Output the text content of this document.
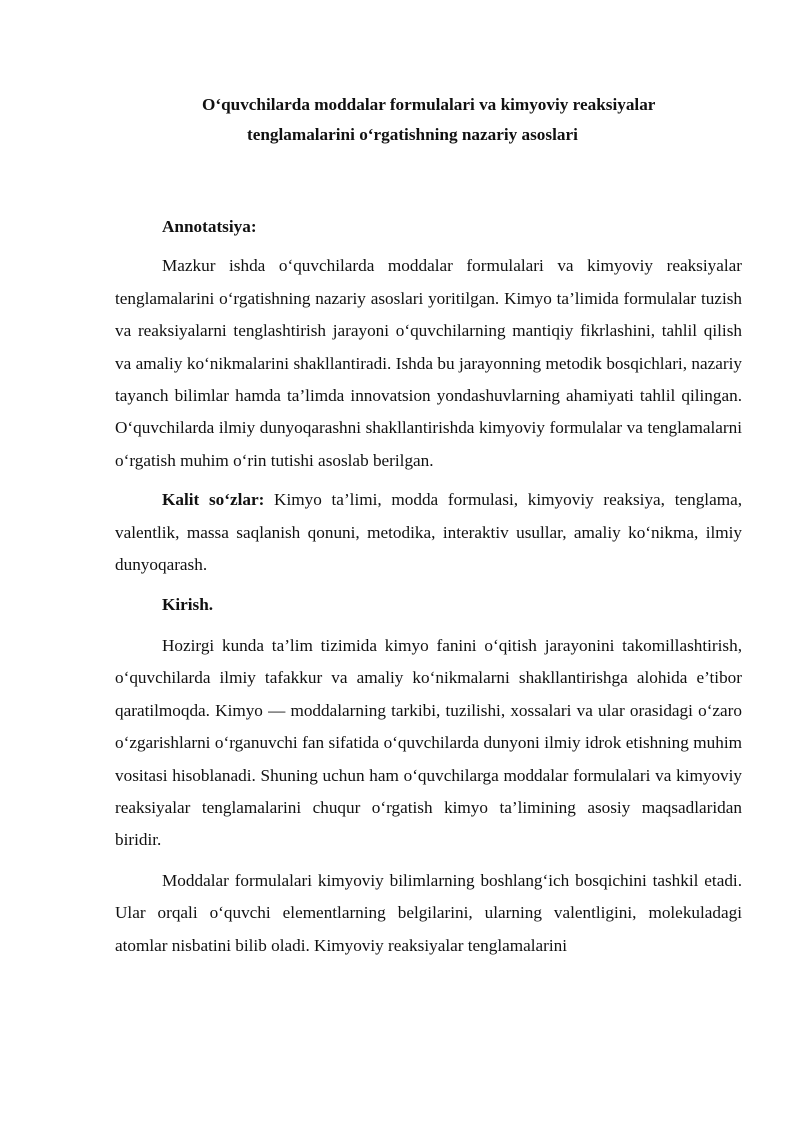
O‘quvchilarda moddalar formulalari va kimyoviy reaksiyalar
tenglamalarini o‘rgatishning nazariy asoslari

Annotatsiya:

Mazkur ishda o‘quvchilarda moddalar formulalari va kimyoviy reaksiyalar tenglamalarini o‘rgatishning nazariy asoslari yoritilgan. Kimyo ta’limida formulalar tuzish va reaksiyalarni tenglashtirish jarayoni o‘quvchilarning mantiqiy fikrlashini, tahlil qilish va amaliy ko‘nikmalarini shakllantiradi. Ishda bu jarayonning metodik bosqichlari, nazariy tayanch bilimlar hamda ta’limda innovatsion yondashuvlarning ahamiyati tahlil qilingan. O‘quvchilarda ilmiy dunyoqarashni shakllantirishda kimyoviy formulalar va tenglamalarni o‘rgatish muhim o‘rin tutishi asoslab berilgan.

Kalit so‘zlar: Kimyo ta’limi, modda formulasi, kimyoviy reaksiya, tenglama, valentlik, massa saqlanish qonuni, metodika, interaktiv usullar, amaliy ko‘nikma, ilmiy dunyoqarash.

Kirish.

Hozirgi kunda ta’lim tizimida kimyo fanini o‘qitish jarayonini takomillashtirish, o‘quvchilarda ilmiy tafakkur va amaliy ko‘nikmalarni shakllantirishga alohida e’tibor qaratilmoqda. Kimyo — moddalarning tarkibi, tuzilishi, xossalari va ular orasidagi o‘zaro o‘zgarishlarni o‘rganuvchi fan sifatida o‘quvchilarda dunyoni ilmiy idrok etishning muhim vositasi hisoblanadi. Shuning uchun ham o‘quvchilarga moddalar formulalari va kimyoviy reaksiyalar tenglamalarini chuqur o‘rgatish kimyo ta’limining asosiy maqsadlaridan biridir.

Moddalar formulalari kimyoviy bilimlarning boshlang‘ich bosqichini tashkil etadi. Ular orqali o‘quvchi elementlarning belgilarini, ularning valentligini, molekuladagi atomlar nisbatini bilib oladi. Kimyoviy reaksiyalar tenglamalarini
